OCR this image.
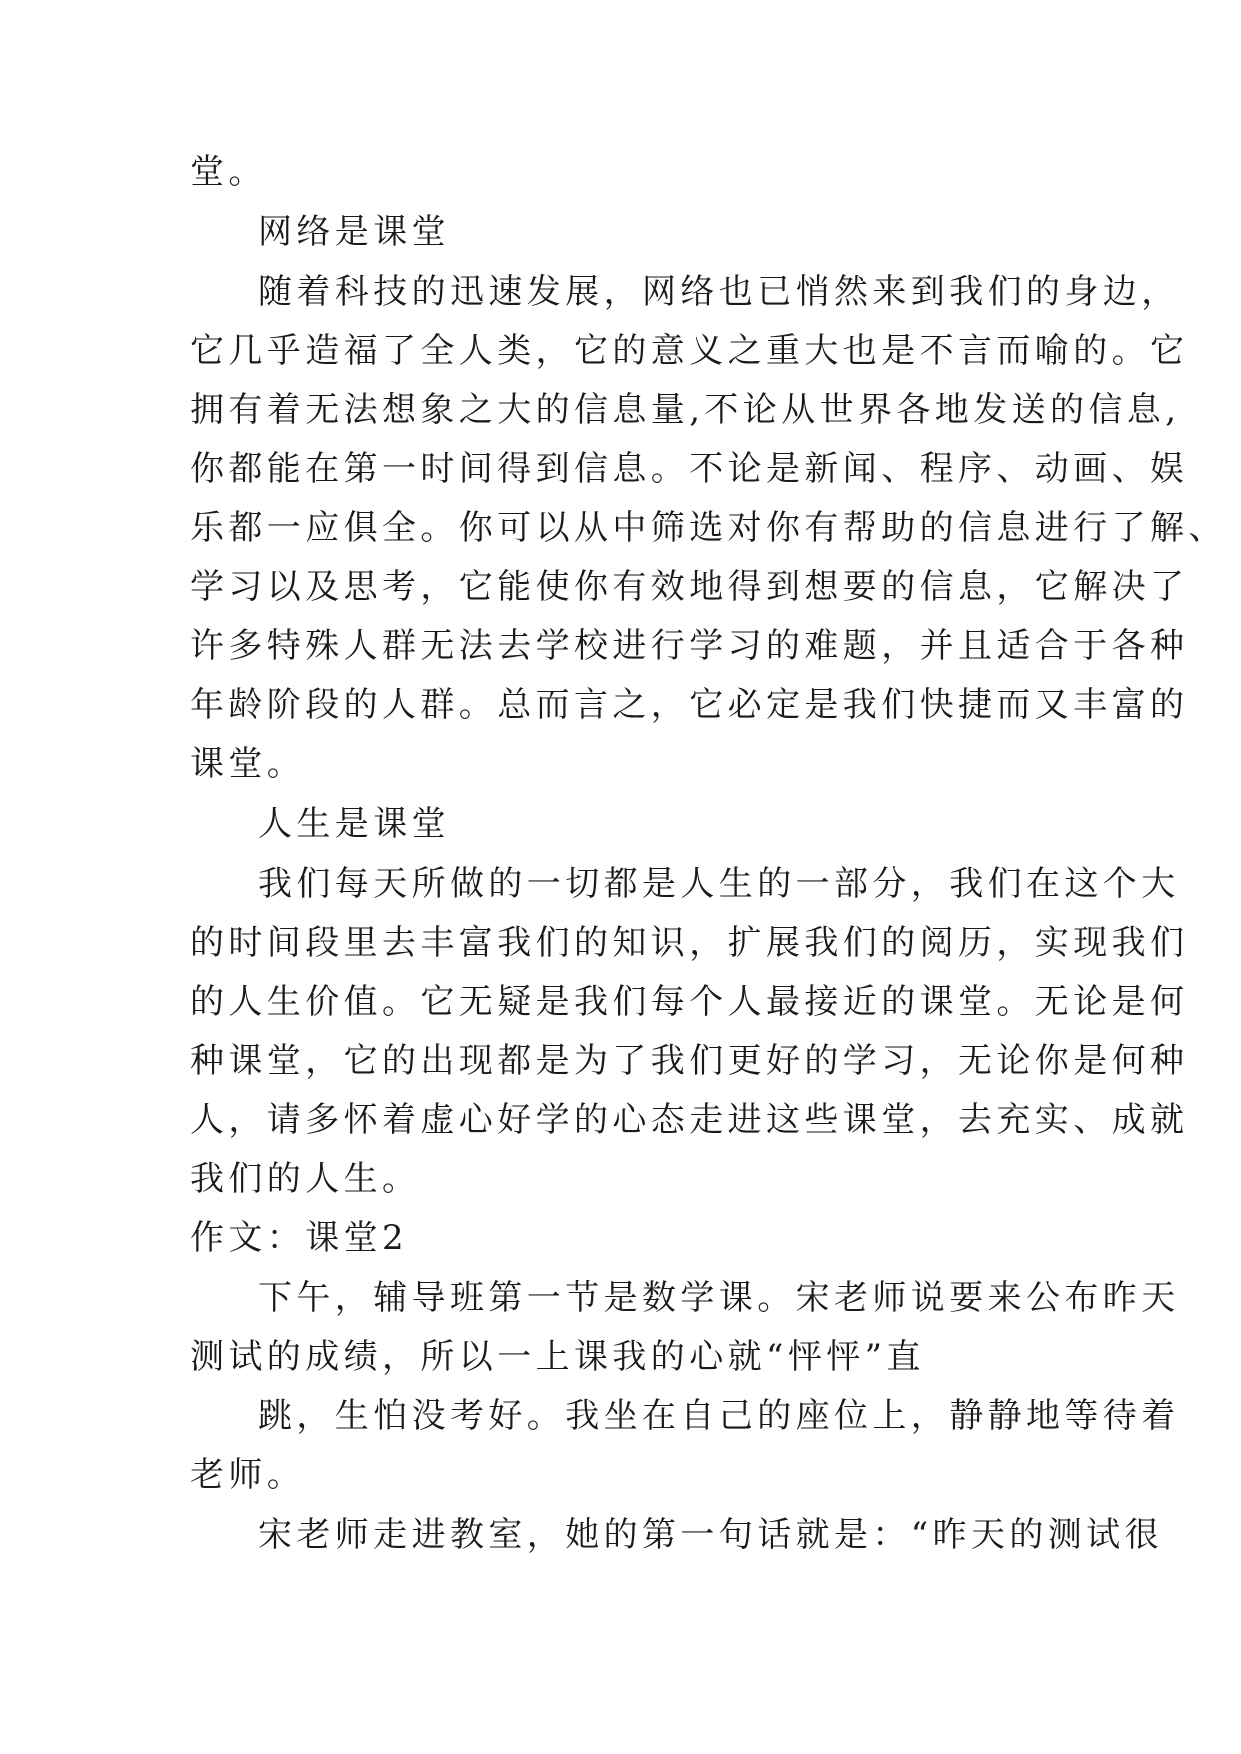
堂。
网络是课堂
随着科技的迅速发展，网络也已悄然来到我们的身边，
它几乎造福了全人类，它的意义之重大也是不言而喻的。它
拥有着无法想象之大的信息量,不论从世界各地发送的信息,
你都能在第一时间得到信息。不论是新闻、程序、动画、娱
乐都一应俱全。你可以从中筛选对你有帮助的信息进行了解、
学习以及思考，它能使你有效地得到想要的信息，它解决了
许多特殊人群无法去学校进行学习的难题，并且适合于各种
年龄阶段的人群。总而言之，它必定是我们快捷而又丰富的
课堂。
人生是课堂
我们每天所做的一切都是人生的一部分，我们在这个大
的时间段里去丰富我们的知识，扩展我们的阅历，实现我们
的人生价值。它无疑是我们每个人最接近的课堂。无论是何
种课堂，它的出现都是为了我们更好的学习，无论你是何种
人，请多怀着虚心好学的心态走进这些课堂，去充实、成就
我们的人生。
作文：课堂2
下午，辅导班第一节是数学课。宋老师说要来公布昨天
测试的成绩，所以一上课我的心就“怦怦”直
跳，生怕没考好。我坐在自己的座位上，静静地等待着
老师。
宋老师走进教室，她的第一句话就是：“昨天的测试很
